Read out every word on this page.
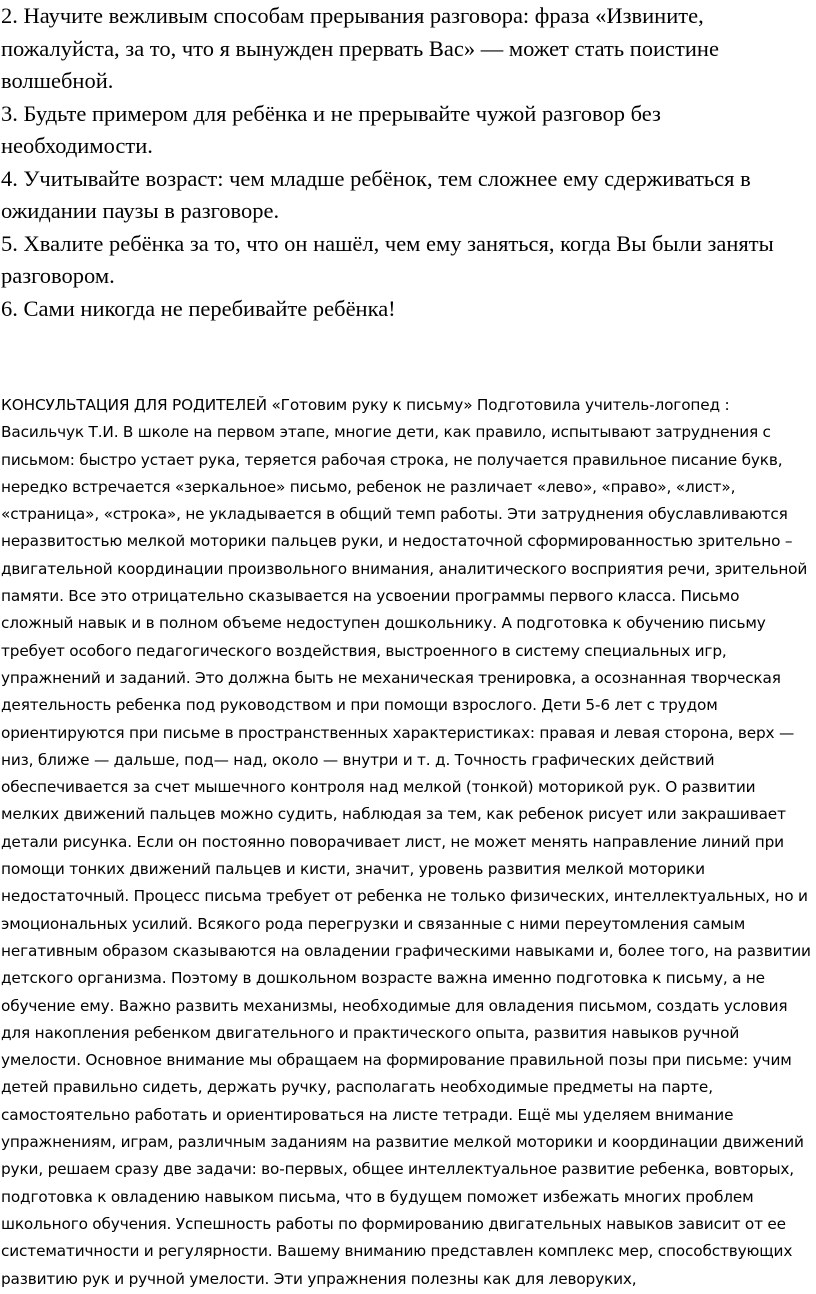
2. Научите вежливым способам прерывания разговора: фраза «Извините, пожалуйста, за то, что я вынужден прервать Вас» — может стать поистине волшебной.
3. Будьте примером для ребёнка и не прерывайте чужой разговор без необходимости.
4. Учитывайте возраст: чем младше ребёнок, тем сложнее ему сдерживаться в ожидании паузы в разговоре.
5. Хвалите ребёнка за то, что он нашёл, чем ему заняться, когда Вы были заняты разговором.
6. Сами никогда не перебивайте ребёнка!

КОНСУЛЬТАЦИЯ ДЛЯ РОДИТЕЛЕЙ «Готовим руку к письму» Подготовила учитель-логопед : Васильчук Т.И. В школе на первом этапе, многие дети, как правило, испытывают затруднения с письмом: быстро устает рука, теряется рабочая строка, не получается правильное писание букв, нередко встречается «зеркальное» письмо, ребенок не различает «лево», «право», «лист», «страница», «строка», не укладывается в общий темп работы. Эти затруднения обуславливаются неразвитостью мелкой моторики пальцев руки, и недостаточной сформированностью зрительно – двигательной координации произвольного внимания, аналитического восприятия речи, зрительной памяти. Все это отрицательно сказывается на усвоении программы первого класса. Письмо сложный навык и в полном объеме недоступен дошкольнику. А подготовка к обучению письму требует особого педагогического воздействия, выстроенного в систему специальных игр, упражнений и заданий. Это должна быть не механическая тренировка, а осознанная творческая деятельность ребенка под руководством и при помощи взрослого. Дети 5-6 лет с трудом ориентируются при письме в пространственных характеристиках: правая и левая сторона, верх — низ, ближе — дальше, под— над, около — внутри и т. д. Точность графических действий обеспечивается за счет мышечного контроля над мелкой (тонкой) моторикой рук. О развитии мелких движений пальцев можно судить, наблюдая за тем, как ребенок рисует или закрашивает детали рисунка. Если он постоянно поворачивает лист, не может менять направление линий при помощи тонких движений пальцев и кисти, значит, уровень развития мелкой моторики недостаточный. Процесс письма требует от ребенка не только физических, интеллектуальных, но и эмоциональных усилий. Всякого рода перегрузки и связанные с ними переутомления самым негативным образом сказываются на овладении графическими навыками и, более того, на развитии детского организма. Поэтому в дошкольном возрасте важна именно подготовка к письму, а не обучение ему. Важно развить механизмы, необходимые для овладения письмом, создать условия для накопления ребенком двигательного и практического опыта, развития навыков ручной умелости. Основное внимание мы обращаем на формирование правильной позы при письме: учим детей правильно сидеть, держать ручку, располагать необходимые предметы на парте, самостоятельно работать и ориентироваться на листе тетради. Ещё мы уделяем внимание упражнениям, играм, различным заданиям на развитие мелкой моторики и координации движений руки, решаем сразу две задачи: во-первых, общее интеллектуальное развитие ребенка, вовторых, подготовка к овладению навыком письма, что в будущем поможет избежать многих проблем школьного обучения. Успешность работы по формированию двигательных навыков зависит от ее систематичности и регулярности. Вашему вниманию представлен комплекс мер, способствующих развитию рук и ручной умелости. Эти упражнения полезны как для леворуких,
